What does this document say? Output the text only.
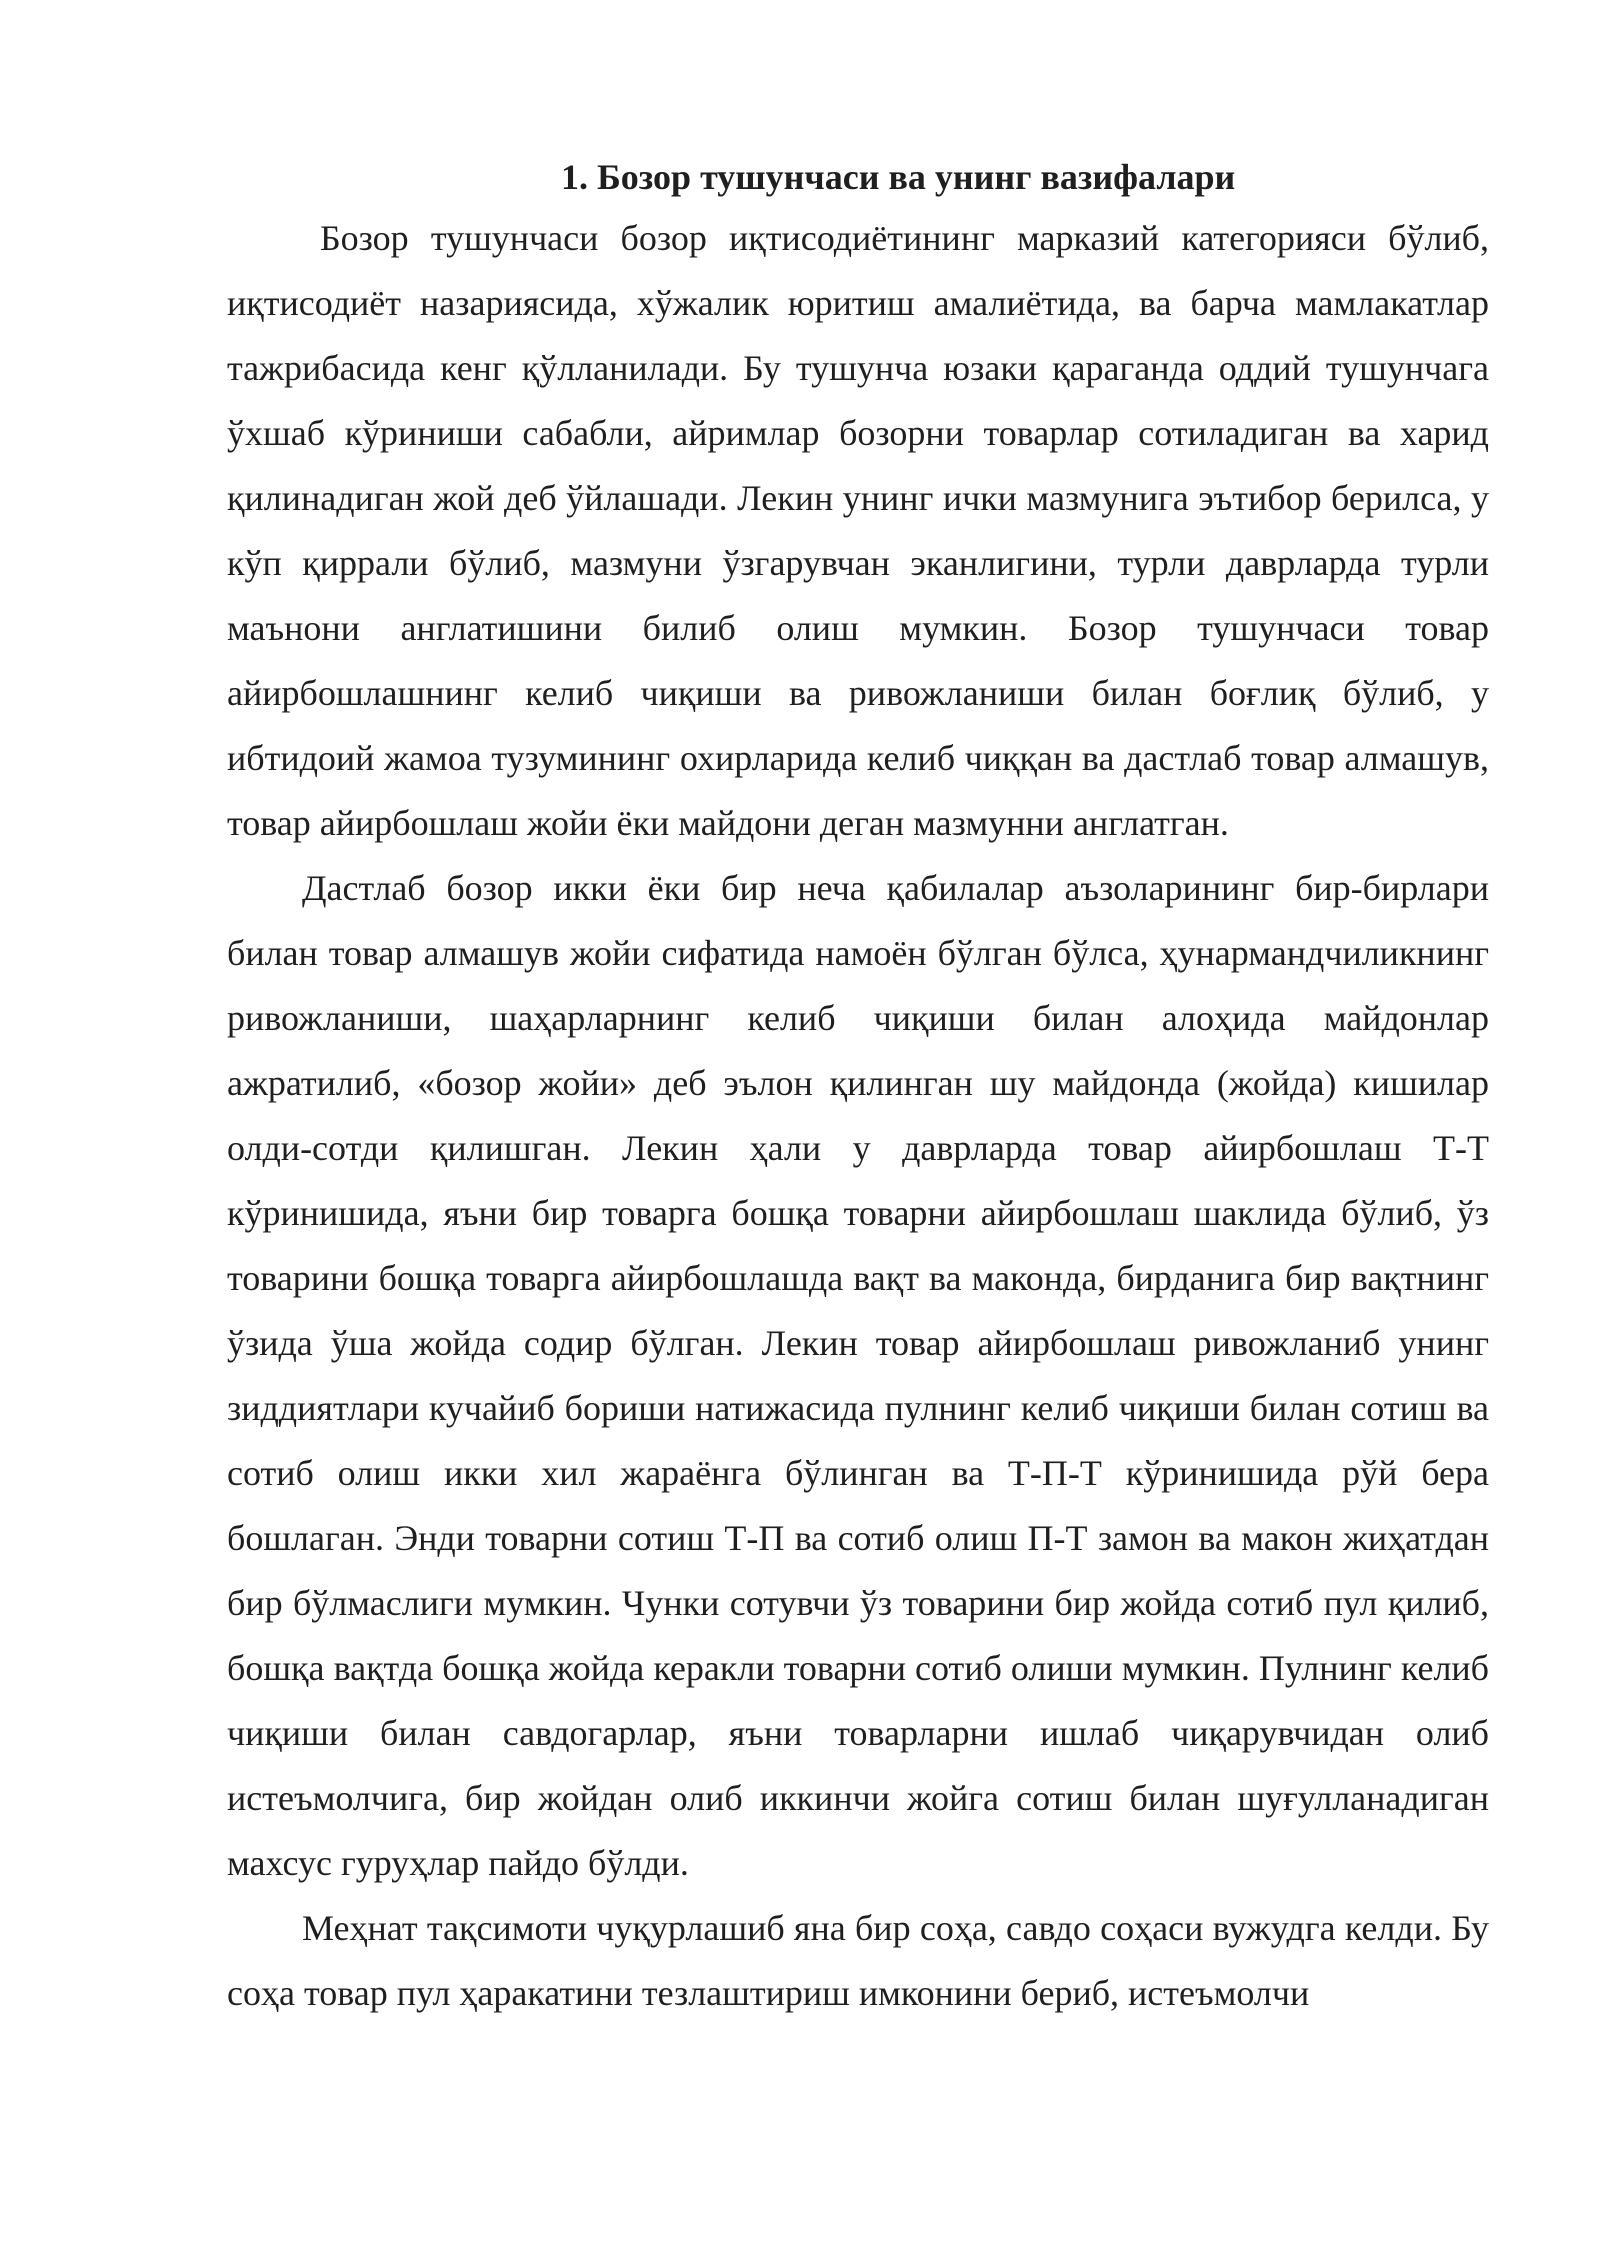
1. Бозор тушунчаси ва унинг вазифалари

Бозор тушунчаси бозор иқтисодиётининг марказий категорияси бўлиб, иқтисодиёт назариясида, хўжалик юритиш амалиётида, ва барча мамлакатлар тажрибасида кенг қўлланилади. Бу тушунча юзаки қараганда оддий тушунчага ўхшаб кўриниши сабабли, айримлар бозорни товарлар сотиладиган ва харид қилинадиган жой деб ўйлашади. Лекин унинг ички мазмунига эътибор берилса, у кўп қиррали бўлиб, мазмуни ўзгарувчан эканлигини, турли даврларда турли маънони англатишини билиб олиш мумкин. Бозор тушунчаси товар айирбошлашнинг келиб чиқиши ва ривожланиши билан боғлиқ бўлиб, у ибтидоий жамоа тузумининг охирларида келиб чиққан ва дастлаб товар алмашув, товар айирбошлаш жойи ёки майдони деган мазмунни англатган.

Дастлаб бозор икки ёки бир неча қабилалар аъзоларининг бир-бирлари билан товар алмашув жойи сифатида намоён бўлган бўлса, ҳунармандчиликнинг ривожланиши, шаҳарларнинг келиб чиқиши билан алоҳида майдонлар ажратилиб, «бозор жойи» деб эълон қилинган шу майдонда (жойда) кишилар олди-сотди қилишган. Лекин ҳали у даврларда товар айирбошлаш Т-Т кўринишида, яъни бир товарга бошқа товарни айирбошлаш шаклида бўлиб, ўз товарини бошқа товарга айирбошлашда вақт ва маконда, бирданига бир вақтнинг ўзида ўша жойда содир бўлган. Лекин товар айирбошлаш ривожланиб унинг зиддиятлари кучайиб бориши натижасида пулнинг келиб чиқиши билан сотиш ва сотиб олиш икки хил жараёнга бўлинган ва Т-П-Т кўринишида рўй бера бошлаган. Энди товарни сотиш Т-П ва сотиб олиш П-Т замон ва макон жиҳатдан бир бўлмаслиги мумкин. Чунки сотувчи ўз товарини бир жойда сотиб пул қилиб, бошқа вақтда бошқа жойда керакли товарни сотиб олиши мумкин. Пулнинг келиб чиқиши билан савдогарлар, яъни товарларни ишлаб чиқарувчидан олиб истеъмолчига, бир жойдан олиб иккинчи жойга сотиш билан шуғулланадиган махсус гуруҳлар пайдо бўлди.

Меҳнат тақсимоти чуқурлашиб яна бир соҳа, савдо соҳаси вужудга келди. Бу соҳа товар пул ҳаракатини тезлаштириш имконини бериб, истеъмолчи
